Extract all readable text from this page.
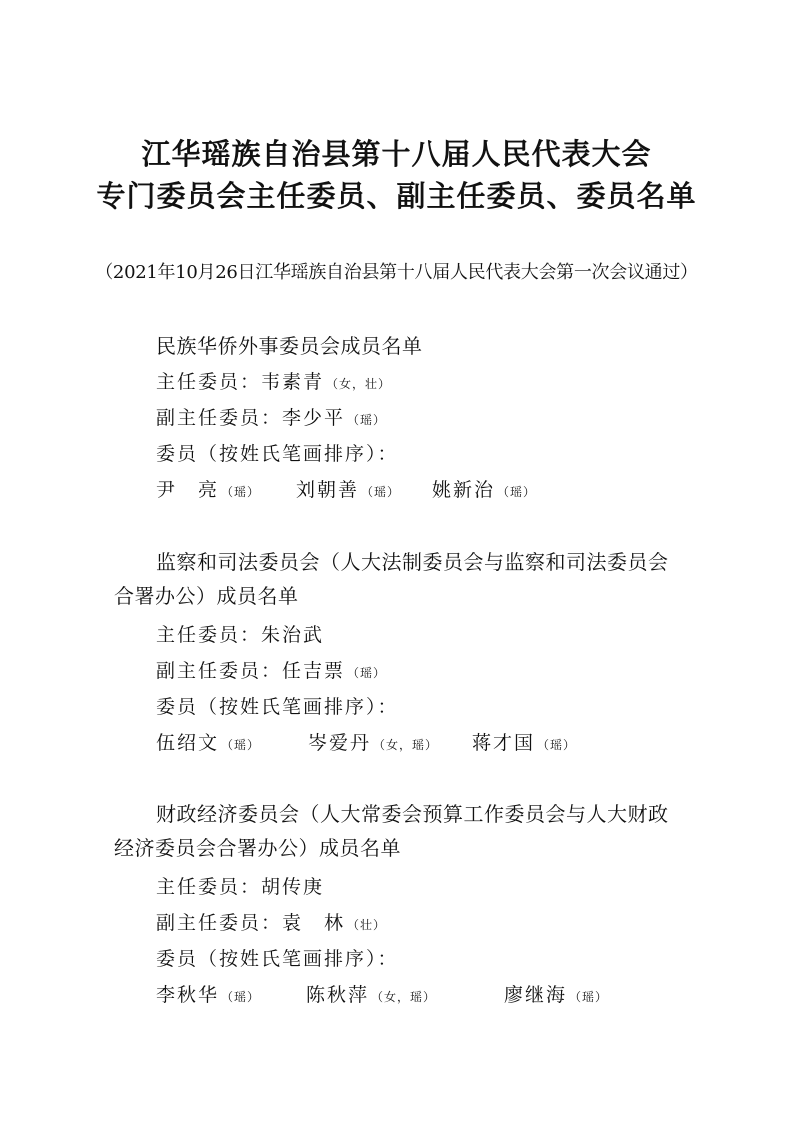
江华瑶族自治县第十八届人民代表大会
专门委员会主任委员、副主任委员、委员名单
（2021年10月26日江华瑶族自治县第十八届人民代表大会第一次会议通过）
民族华侨外事委员会成员名单
主任委员：韦素青 （女，壮）
副主任委员：李少平 （瑶）
委员（按姓氏笔画排序）：
尹　亮 （瑶） 刘朝善 （瑶） 姚新治 （瑶）
监察和司法委员会（人大法制委员会与监察和司法委员会
合署办公）成员名单
主任委员：朱治武
副主任委员：任吉票 （瑶）
委员（按姓氏笔画排序）：
伍绍文 （瑶）	岑爱丹 （女，瑶） 蒋才国 （瑶）
财政经济委员会（人大常委会预算工作委员会与人大财政
经济委员会合署办公）成员名单
主任委员：胡传庚
副主任委员：袁　林 （壮）
委员（按姓氏笔画排序）：
李秋华 （瑶） 陈秋萍 （女，瑶）	廖继海 （瑶）
